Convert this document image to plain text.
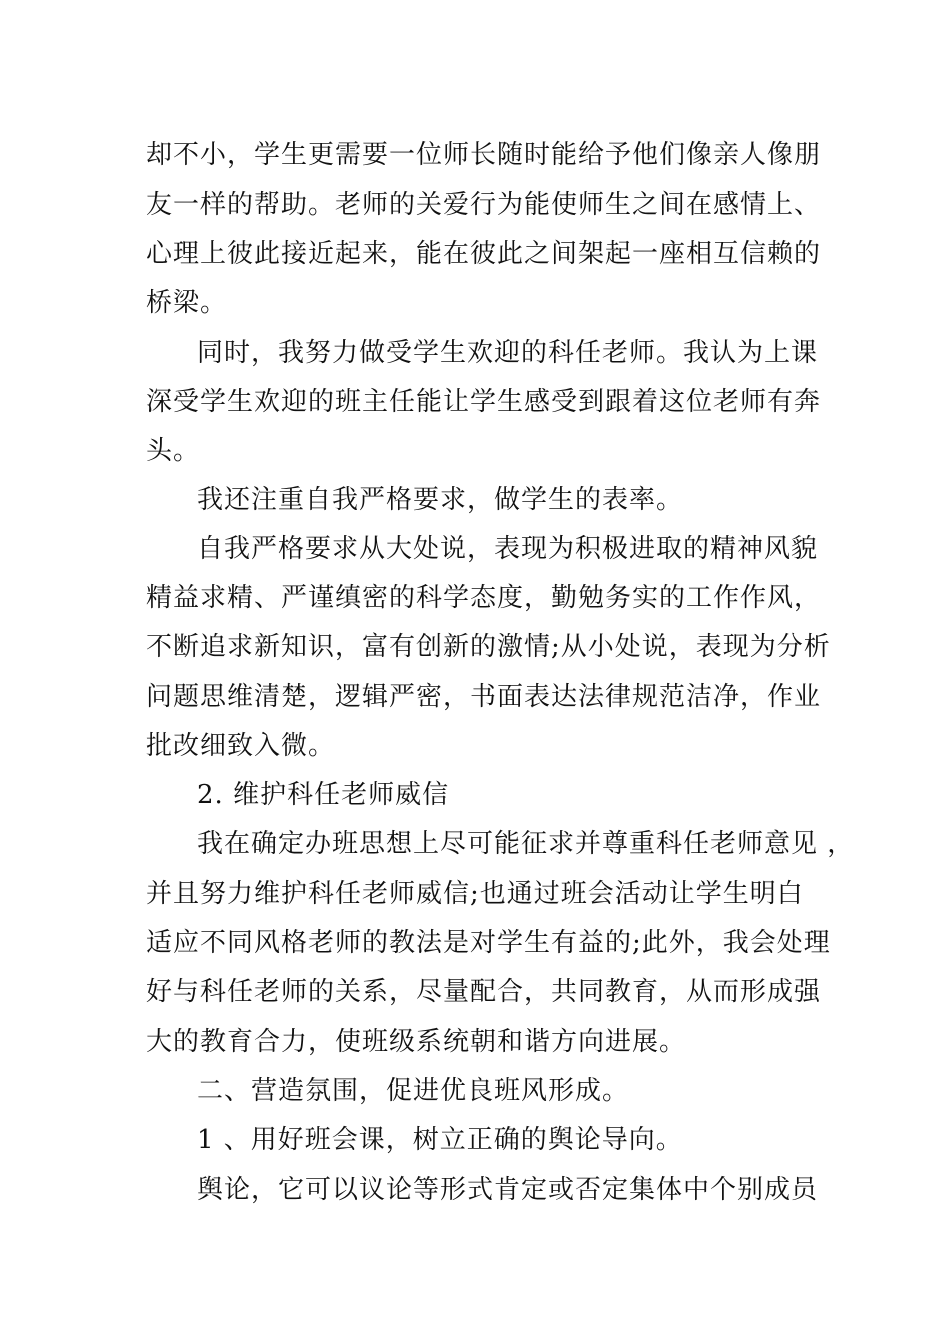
却不小，学生更需要一位师长随时能给予他们像亲人像朋
友一样的帮助。老师的关爱行为能使师生之间在感情上、
心理上彼此接近起来，能在彼此之间架起一座相互信赖的
桥梁。
同时，我努力做受学生欢迎的科任老师。我认为上课
深受学生欢迎的班主任能让学生感受到跟着这位老师有奔
头。
我还注重自我严格要求，做学生的表率。
自我严格要求从大处说，表现为积极进取的精神风貌
精益求精、严谨缜密的科学态度，勤勉务实的工作作风，
不断追求新知识，富有创新的激情;从小处说，表现为分析
问题思维清楚，逻辑严密，书面表达法律规范洁净，作业
批改细致入微。
2. 维护科任老师威信
我在确定办班思想上尽可能征求并尊重科任老师意见 ，
并且努力维护科任老师威信;也通过班会活动让学生明白
适应不同风格老师的教法是对学生有益的;此外，我会处理
好与科任老师的关系，尽量配合，共同教育，从而形成强
大的教育合力，使班级系统朝和谐方向进展。
二、营造氛围，促进优良班风形成。
1 、用好班会课，树立正确的舆论导向。
舆论，它可以议论等形式肯定或否定集体中个别成员
